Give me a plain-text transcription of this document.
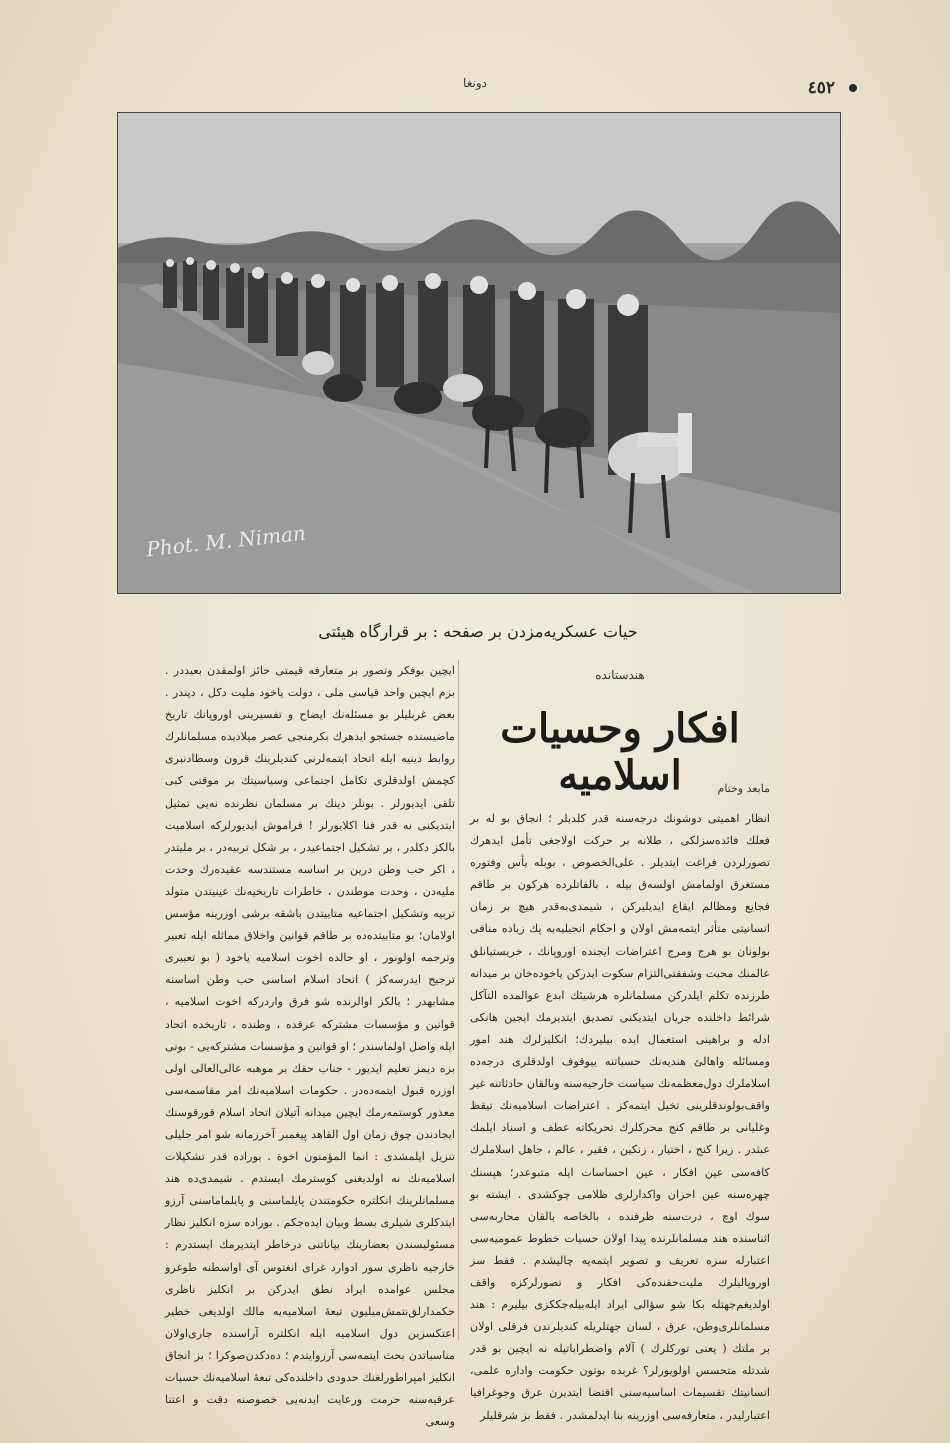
٤٥٢
دونغا
Phot. M. Niman
حیات عسکریه‌مزدن بر صفحه : بر قرارگاه هیئتی
هندستانده
افکار وحسیات اسلامیه	مابعد وختام

انظار اهمیتی دوشونك درجه‌سنه قدر کلدیلر ؛ انجاق بو له بر فعلك فائده‌سزلکی ، طلانه بر حرکت اولاجغی تأمل ایدهرك تصورلردن فراغت ایتدیلر . علی‌الخصوص ، بوبله یأس وفتوره مستغرق اولمامش اولسه‌ق بیله ، بالفاتلرده هرکون بر طاقم فجایع ومظالم ایقاع ایدیلیرکن ، شیمدی‌به‌قدر هیچ بر زمان انسانیتی متأثر ایتمه‌مش اولان و احکام انجیلیه‌یه پك زیاده منافی بولونان بو هرج ومرج اعتراضات ایجنده اوروپانك ، خریستیانلق عالمنك محبت وشفقتی‌التزام سکوت ایدرکن یاخوده‌خان بر میدانه طرزنده تکلم ایلدرکن مسلمانلره هرشیئك ابدع عوالمده التآکل شرائط داخلنده جریان ایتدیکنی تصدیق ایتدیرمك ایجین هانکی ادله و براهینی استعمال ایده بیلیردك؛ انکلیزلرك هند امور ومسائله واهالئ هندیه‌نك حسیاتنه ییوقوف اولدقلری درجه‌ده اسلاملرك دول‌معظمه‌نك سیاست خارجیه‌سنه وبالقان حادثاتنه غیر واقف‌بولوندقلرینی تخیل ایتمه‌کز . اعتراضات اسلامیه‌نك تیقظ وغلیانی بر طاقم کنج محرکلرك تحریکاته عطف و اسناد ایلمك عبثدر . زیرا کنج ، اختیار ، زنکین ، فقیر ، عالم ، جاهل اسلاملرك کافه‌سی عین افکار ، عین احساسات ایله متبوعدر؛ هپسنك چهره‌سنه عین احزان واکدارلری ظلامی چوکشدی . ایشته بو سوك اوچ ، درت‌سنه ظرفنده ، بالخاصه بالقان محاربه‌سی اثناسنده هند مسلمانلرنده پیدا اولان حسیات خطوط عمومیه‌سی اعتبارله سزه تعریف و تصویر ایتمه‌یه چالیشدم . فقط سز اوروپالیلرك ملیت‌حقنده‌کی افکار و تصورلرکزه واقف اولدیغم‌جهتله بکا شو سؤالی ایراد ایله‌بیله‌جککزی بیلیرم : هند مسلمانلری‌وطن، عرق ، لسان جهتلریله کندیلرندن فرقلی اولان بر ملتك ( یعنی تورکلرك ) آلام واضطراباتیله نه ایچین بو قدر شدتله متحسس اولویورلر؟ غربده بوتون حکومت واداره علمی، انسانیتك تقسیمات اساسیه‌سنی اقتضا ایتدیرن عرق وجوغرافیا اعتبارلیدر ، متعارفه‌سی اوزرینه بنا ایدلمشدر . فقط بز شرقلیلر

ایچین بوفکر وتصور بر متعارفه قیمتی حائز اولمقدن بعیددر . بزم ایچین واحد قیاسی ملی ، دولت یاخود ملیت دکل ، دیندر . بعض غربلیلر بو مسئله‌نك ایضاح و تفسیرینی اوروپانك تاریخ ماضیسنده جستجو ایدهرك بکرمنجی عصر میلادیده مسلمانلرك روابط دینیه ایله اتحاد ایتمه‌لرنی کندیلرینك قرون وسطادنبری کچمش اولدقلری تکامل اجتماعی وسیاسیتك بر موقتی کبی تلقی ایدیورلر . بونلر دینك بر مسلمان نظرنده نه‌یی تمثیل ایتدیکنی نه قدر فنا اکلایورلر ! فراموش ایدیورلرکه اسلامیت بالکز دکلدر ، بر تشکیل اجتماعیدر ، بر شکل تربیه‌در ، بر ملیتدر ، اکر حب وطن درین بر اساسه مستندسه عقیده‌رك وحدت ملیه‌دن ، وحدت موطندن ، خاطرات تاریخیه‌نك عینیتدن متولد تربیه وتشکیل اجتماعیه متاییتدن باشقه برشی اوزرینه مؤسس اولامان؛ بو متاییتده‌ده بر طاقم قوانین واخلاق مماثله ایله تعبیر وترجمه اولونور ، او حالده اخوت اسلامیه یاخود ( بو تعبیری ترجیح ایدرسه‌کز ) اتحاد اسلام اساسی حب وطن اساسنه مشابهدر ؛ یالکز اوالرنده شو فرق واردرکه اخوت اسلامیه ، قوانین و مؤسسات مشترکه عرقده ، وطنده ، تاریخده اتحاد ایله واصل اولماسندر ؛ او قوانین و مؤسسات مشترکه‌یی - بونی بزه دیمز تعلیم ایدیور - جناب حقك بر موهبه عالی‌العالی اولی اوزره قبول ایتمه‌ده‌در . حکومات اسلامیه‌نك امر مقاسمه‌سی معذور کوستمه‌رمك ایچین میدانه آتیلان اتحاد اسلام قورقوسنك ایجادندن چوق زمان اول القاهد پیغمبر آخرزمانه شو امر جلیلی تنزیل ایلمشدی : انما المؤمنون اخوة . بوراده قدر تشکیلات اسلامیه‌نك نه اولدیغنی کوسترمك ایستدم . شیمدی‌ده هند مسلمانلرینك انکلتره حکومتندن پایلماسنی و پایلماماسنی آرزو ایتدکلری شیلری بسط وبیان ایده‌جکم . بوراده سزه انکلیز نظار مسئولیسندن بعضارینك بیاناتنی درخاطر ایتدیرمك ایستدرم : خارجیه ناظری سور ادوارد غرای انغتوس آی اواسطنه طوغرو مجلس عوامده ایراد نطق ایدرکن بر انکلیز ناظری حکمدارلق‌نتمش‌میلیون تبعهٔ اسلامیه‌یه مالك اولدیغی خطیر اعتکسزین دول اسلامیه ایله انکلتره آراسنده جاری‌اولان مناسباتدن بحث ایتمه‌سی آرزوایتدم ؛ ده‌دکدن‌صوکرا ؛ بز انجاق انکلیز امپراطورلغنك حدودی داخلنده‌کی تبعهٔ اسلامیه‌نك حسیات عرقیه‌سنه حرمت ورعایت ایدنه‌یی خصوصنه دقت و اعتنا وسعی
